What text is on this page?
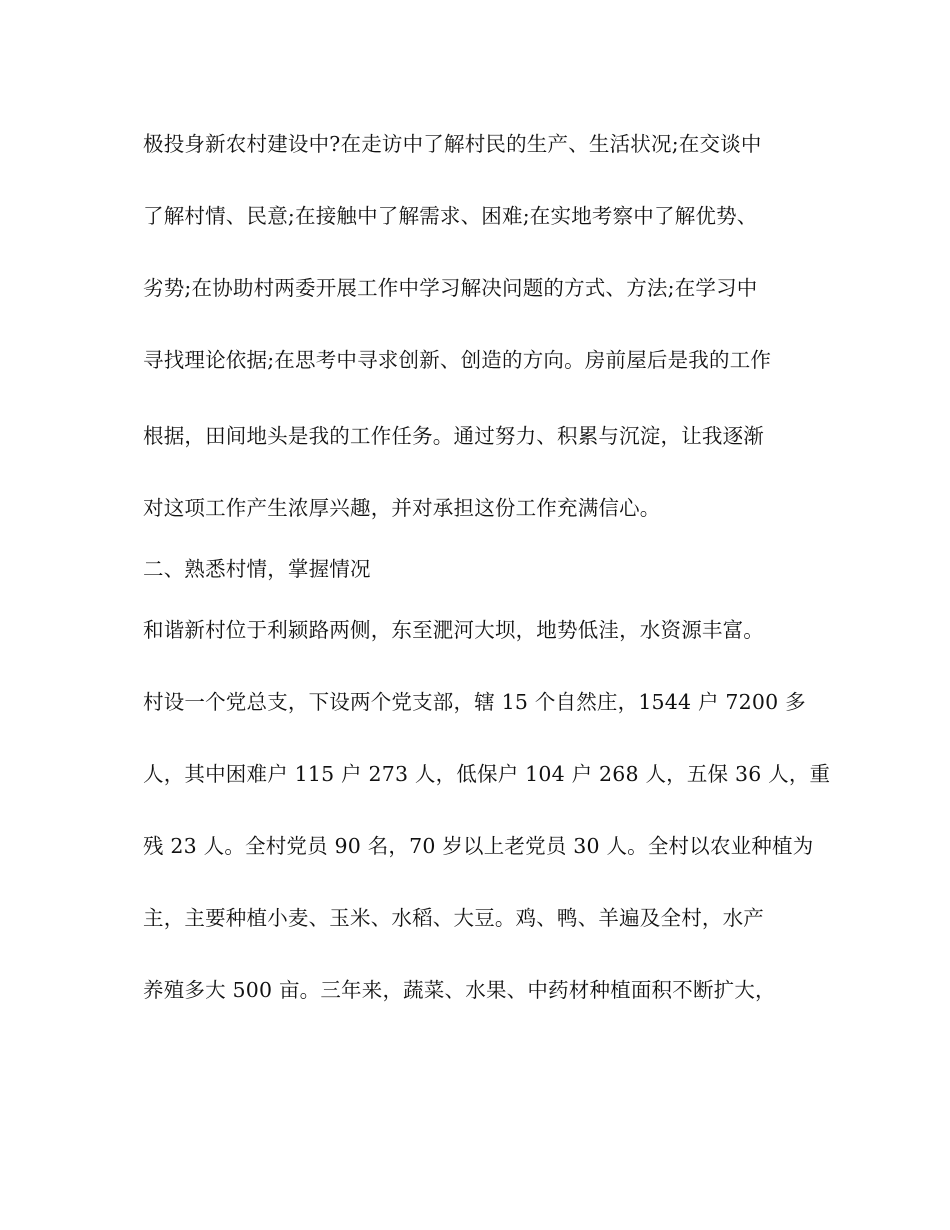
极投身新农村建设中?在走访中了解村民的生产、生活状况;在交谈中
了解村情、民意;在接触中了解需求、困难;在实地考察中了解优势、
劣势;在协助村两委开展工作中学习解决问题的方式、方法;在学习中
寻找理论依据;在思考中寻求创新、创造的方向。房前屋后是我的工作
根据，田间地头是我的工作任务。通过努力、积累与沉淀，让我逐渐
对这项工作产生浓厚兴趣，并对承担这份工作充满信心。
二、熟悉村情，掌握情况
和谐新村位于利颍路两侧，东至淝河大坝，地势低洼，水资源丰富。
村设一个党总支，下设两个党支部，辖 15 个自然庄，1544 户 7200 多
人，其中困难户 115 户 273 人，低保户 104 户 268 人，五保 36 人，重
残 23 人。全村党员 90 名，70 岁以上老党员 30 人。全村以农业种植为
主，主要种植小麦、玉米、水稻、大豆。鸡、鸭、羊遍及全村，水产
养殖多大 500 亩。三年来，蔬菜、水果、中药材种植面积不断扩大，
